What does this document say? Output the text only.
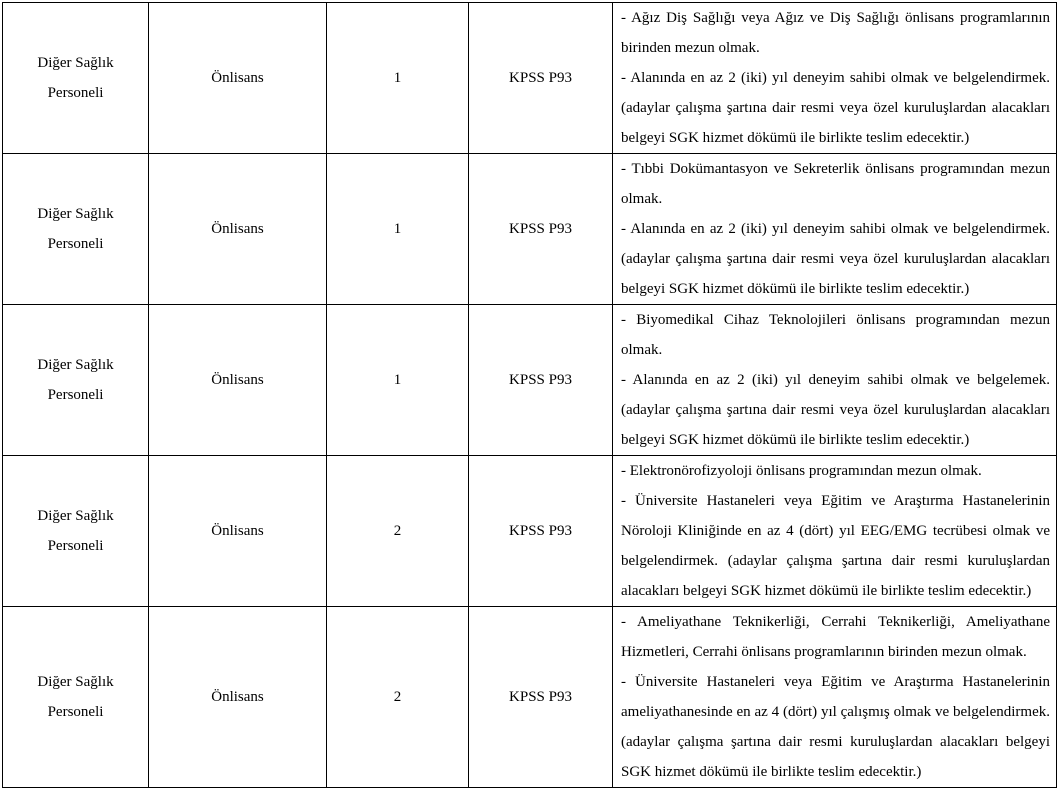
Diğer Sağlık
Personeli	Önlisans	1	KPSS P93	- Ağız Diş Sağlığı veya Ağız ve Diş Sağlığı önlisans programlarının birinden mezun olmak.
- Alanında en az 2 (iki) yıl deneyim sahibi olmak ve belgelendirmek. (adaylar çalışma şartına dair resmi veya özel kuruluşlardan alacakları belgeyi SGK hizmet dökümü ile birlikte teslim edecektir.)

Diğer Sağlık
Personeli	Önlisans	1	KPSS P93	- Tıbbi Dokümantasyon ve Sekreterlik önlisans programından mezun olmak.
- Alanında en az 2 (iki) yıl deneyim sahibi olmak ve belgelendirmek. (adaylar çalışma şartına dair resmi veya özel kuruluşlardan alacakları belgeyi SGK hizmet dökümü ile birlikte teslim edecektir.)

Diğer Sağlık
Personeli	Önlisans	1	KPSS P93	- Biyomedikal Cihaz Teknolojileri önlisans programından mezun olmak.
- Alanında en az 2 (iki) yıl deneyim sahibi olmak ve belgelemek. (adaylar çalışma şartına dair resmi veya özel kuruluşlardan alacakları belgeyi SGK hizmet dökümü ile birlikte teslim edecektir.)

Diğer Sağlık
Personeli	Önlisans	2	KPSS P93	- Elektronörofizyoloji önlisans programından mezun olmak.
- Üniversite Hastaneleri veya Eğitim ve Araştırma Hastanelerinin Nöroloji Kliniğinde en az 4 (dört) yıl EEG/EMG tecrübesi olmak ve belgelendirmek. (adaylar çalışma şartına dair resmi kuruluşlardan alacakları belgeyi SGK hizmet dökümü ile birlikte teslim edecektir.)

Diğer Sağlık
Personeli	Önlisans	2	KPSS P93	- Ameliyathane Teknikerliği, Cerrahi Teknikerliği, Ameliyathane Hizmetleri, Cerrahi önlisans programlarının birinden mezun olmak.
- Üniversite Hastaneleri veya Eğitim ve Araştırma Hastanelerinin ameliyathanesinde en az 4 (dört) yıl çalışmış olmak ve belgelendirmek. (adaylar çalışma şartına dair resmi kuruluşlardan alacakları belgeyi SGK hizmet dökümü ile birlikte teslim edecektir.)
